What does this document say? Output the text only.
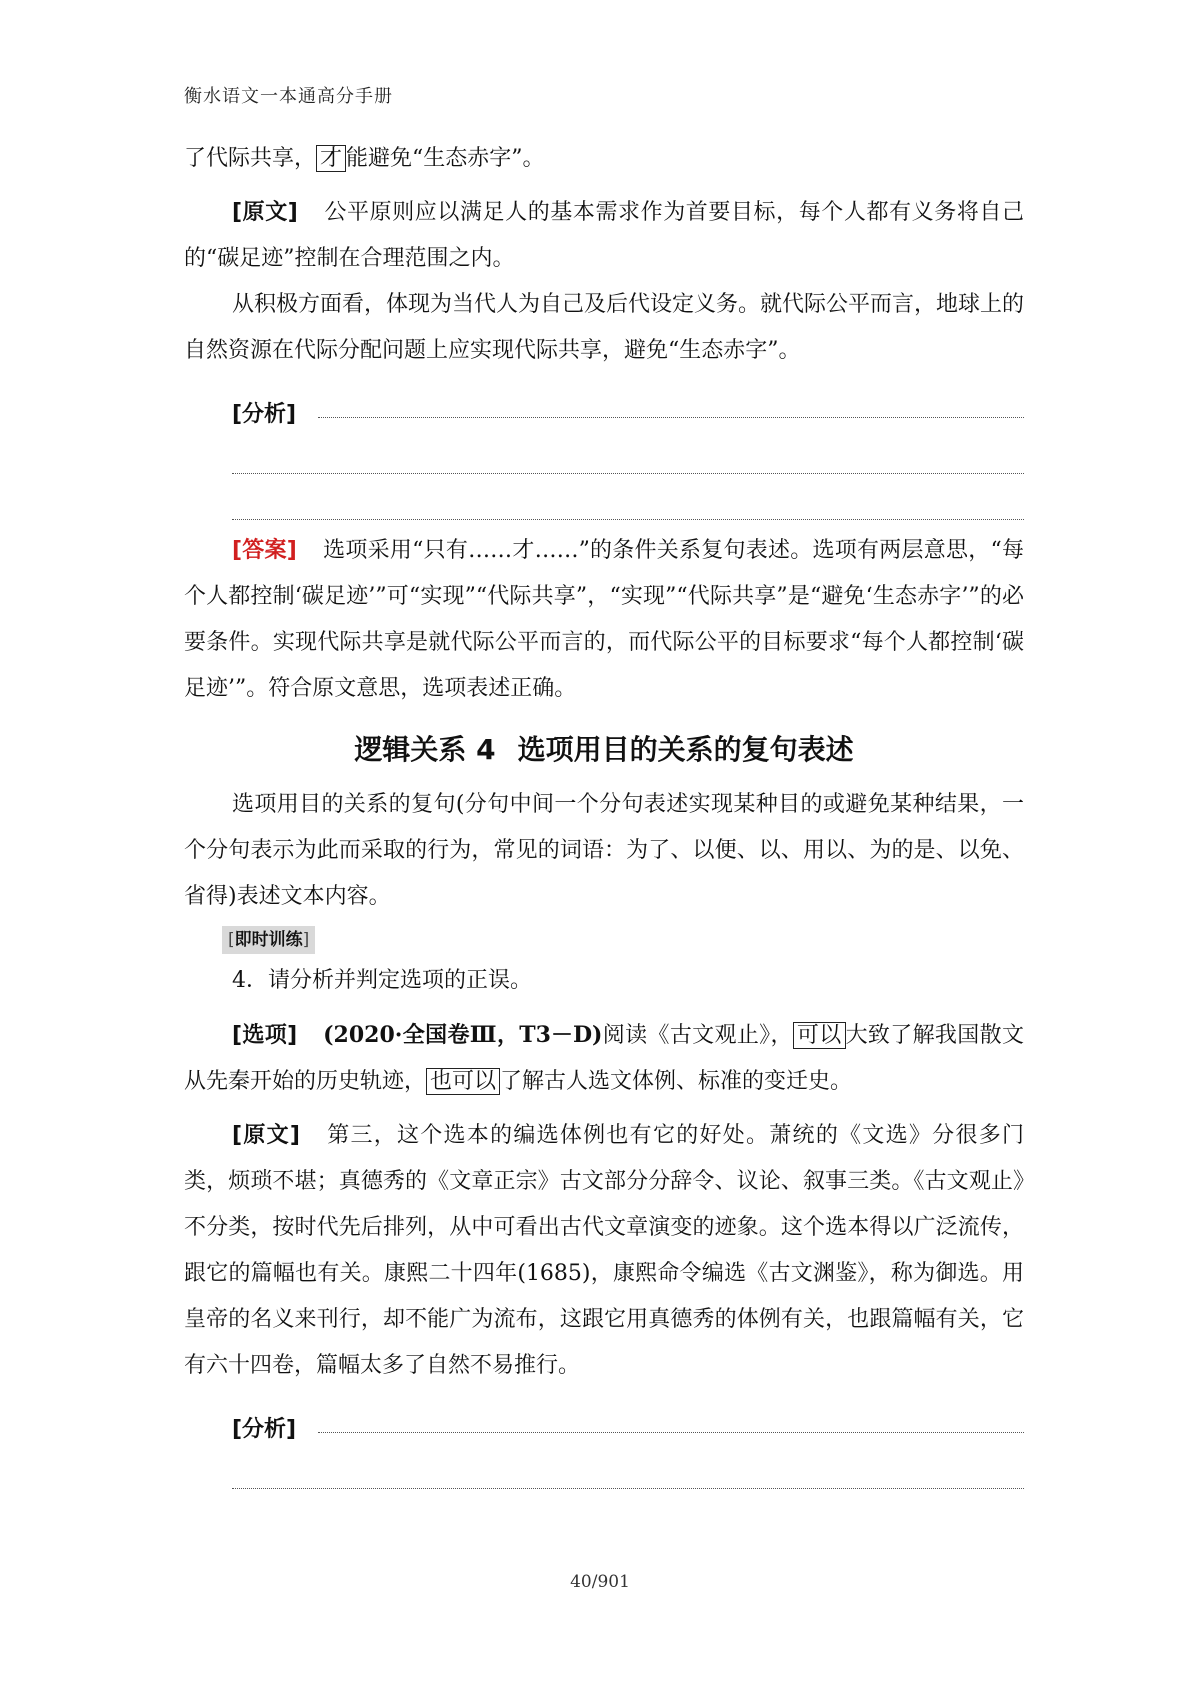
衡水语文一本通高分手册

了代际共享， 才 能避免“生态赤字”。

[原文] 公平原则应以满足人的基本需求作为首要目标，每个人都有义务将自己的“碳足迹”控制在合理范围之内。

从积极方面看，体现为当代人为自己及后代设定义务。就代际公平而言，地球上的自然资源在代际分配问题上应实现代际共享，避免“生态赤字”。

[分析]

[答案] 选项采用“只有……才……”的条件关系复句表述。选项有两层意思，“每个人都控制‘碳足迹’”可“实现”“代际共享”，“实现”“代际共享”是“避免‘生态赤字’”的必要条件。实现代际共享是就代际公平而言的，而代际公平的目标要求“每个人都控制‘碳足迹’”。符合原文意思，选项表述正确。

逻辑关系 4 选项用目的关系的复句表述

选项用目的关系的复句(分句中间一个分句表述实现某种目的或避免某种结果，一个分句表示为此而采取的行为，常见的词语：为了、以便、以、用以、为的是、以免、省得)表述文本内容。

[即时训练]

4．请分析并判定选项的正误。

[选项] (2020·全国卷Ⅲ，T3－D)阅读《古文观止》， 可以 大致了解我国散文从先秦开始的历史轨迹， 也可以 了解古人选文体例、标准的变迁史。

[原文] 第三，这个选本的编选体例也有它的好处。萧统的《文选》分很多门类，烦琐不堪；真德秀的《文章正宗》古文部分分辞令、议论、叙事三类。《古文观止》不分类，按时代先后排列，从中可看出古代文章演变的迹象。这个选本得以广泛流传，跟它的篇幅也有关。康熙二十四年(1685)，康熙命令编选《古文渊鉴》，称为御选。用皇帝的名义来刊行，却不能广为流布，这跟它用真德秀的体例有关，也跟篇幅有关，它有六十四卷，篇幅太多了自然不易推行。

[分析]
40/901
